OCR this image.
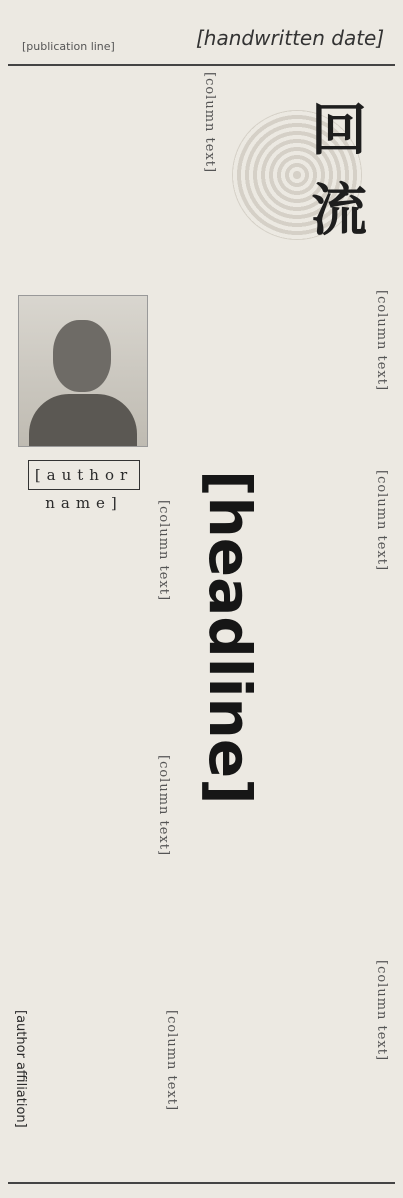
[publication line]	[handwritten date]
回
流
[column text]
[column text]
[column text]	[column text]
[column text]
[column text]
[column text]
[headline]
[author name]
[author affiliation]
